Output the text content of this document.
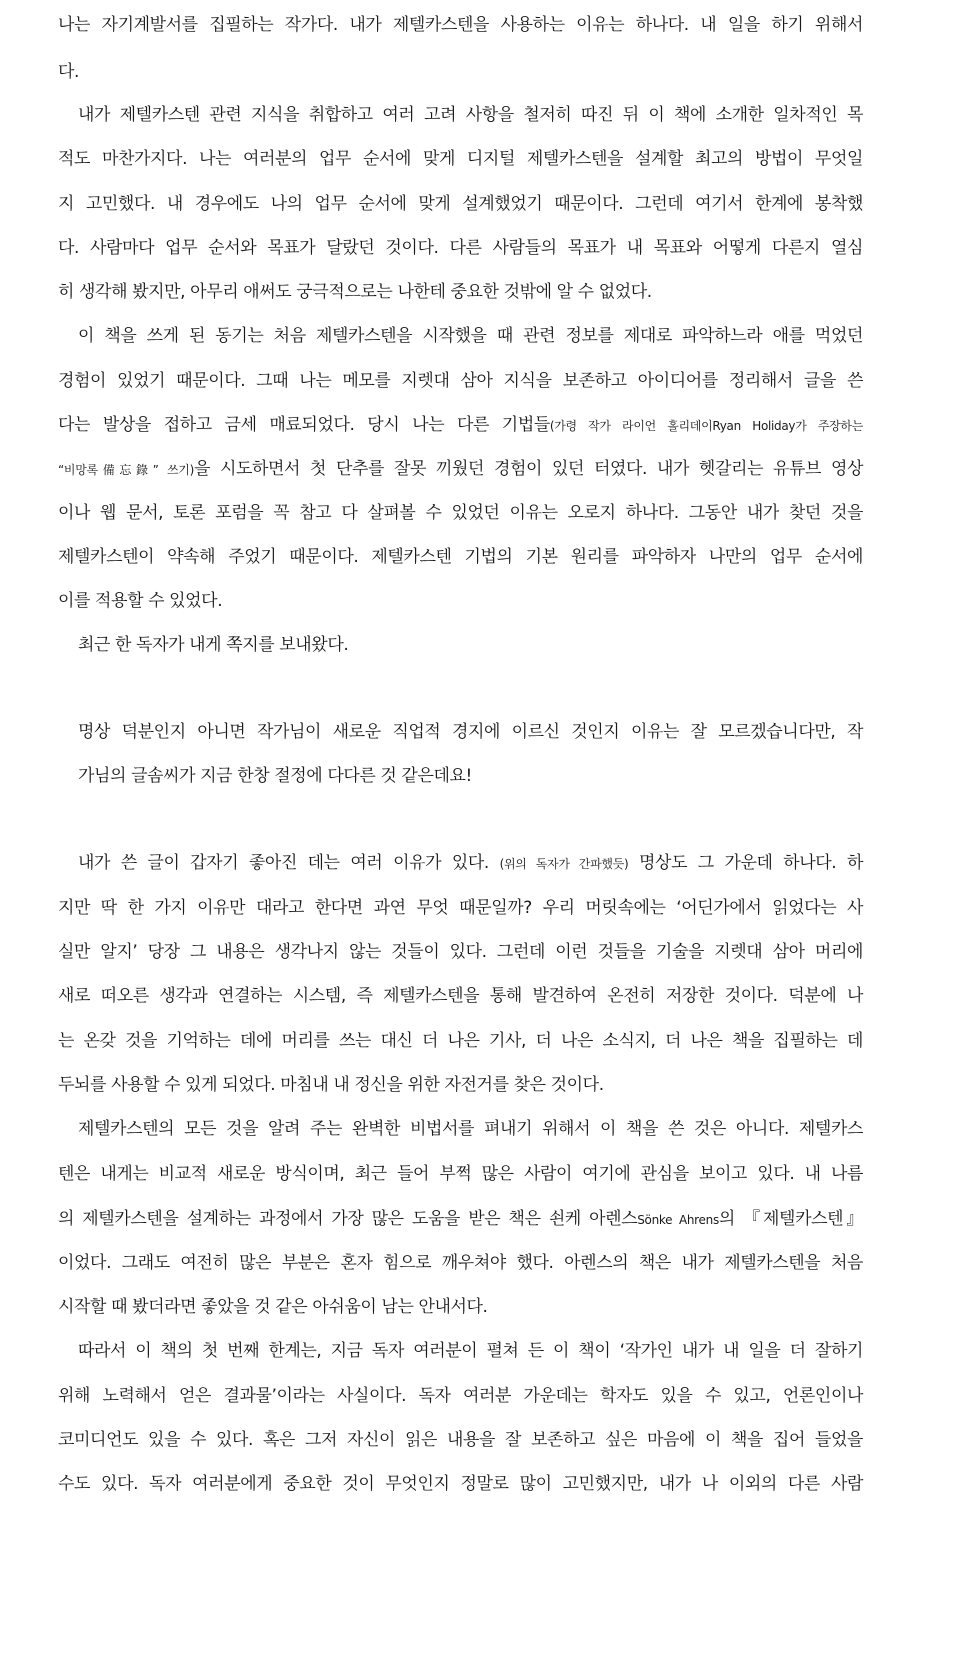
나는 자기계발서를 집필하는 작가다. 내가 제텔카스텐을 사용하는 이유는 하나다. 내 일을 하기 위해서
다.
내가 제텔카스텐 관련 지식을 취합하고 여러 고려 사항을 철저히 따진 뒤 이 책에 소개한 일차적인 목
적도 마찬가지다. 나는 여러분의 업무 순서에 맞게 디지털 제텔카스텐을 설계할 최고의 방법이 무엇일
지 고민했다. 내 경우에도 나의 업무 순서에 맞게 설계했었기 때문이다. 그런데 여기서 한계에 봉착했
다. 사람마다 업무 순서와 목표가 달랐던 것이다. 다른 사람들의 목표가 내 목표와 어떻게 다른지 열심
히 생각해 봤지만, 아무리 애써도 궁극적으로는 나한테 중요한 것밖에 알 수 없었다.
이 책을 쓰게 된 동기는 처음 제텔카스텐을 시작했을 때 관련 정보를 제대로 파악하느라 애를 먹었던
경험이 있었기 때문이다. 그때 나는 메모를 지렛대 삼아 지식을 보존하고 아이디어를 정리해서 글을 쓴
다는 발상을 접하고 금세 매료되었다. 당시 나는 다른 기법들(가령 작가 라이언 홀리데이Ryan Holiday가 주장하는
“비망록備忘錄” 쓰기)을 시도하면서 첫 단추를 잘못 끼웠던 경험이 있던 터였다. 내가 헷갈리는 유튜브 영상
이나 웹 문서, 토론 포럼을 꼭 참고 다 살펴볼 수 있었던 이유는 오로지 하나다. 그동안 내가 찾던 것을
제텔카스텐이 약속해 주었기 때문이다. 제텔카스텐 기법의 기본 원리를 파악하자 나만의 업무 순서에
이를 적용할 수 있었다.
최근 한 독자가 내게 쪽지를 보내왔다.
명상 덕분인지 아니면 작가님이 새로운 직업적 경지에 이르신 것인지 이유는 잘 모르겠습니다만, 작
가님의 글솜씨가 지금 한창 절정에 다다른 것 같은데요!
내가 쓴 글이 갑자기 좋아진 데는 여러 이유가 있다. (위의 독자가 간파했듯) 명상도 그 가운데 하나다. 하
지만 딱 한 가지 이유만 대라고 한다면 과연 무엇 때문일까? 우리 머릿속에는 ‘어딘가에서 읽었다는 사
실만 알지’ 당장 그 내용은 생각나지 않는 것들이 있다. 그런데 이런 것들을 기술을 지렛대 삼아 머리에
새로 떠오른 생각과 연결하는 시스템, 즉 제텔카스텐을 통해 발견하여 온전히 저장한 것이다. 덕분에 나
는 온갖 것을 기억하는 데에 머리를 쓰는 대신 더 나은 기사, 더 나은 소식지, 더 나은 책을 집필하는 데
두뇌를 사용할 수 있게 되었다. 마침내 내 정신을 위한 자전거를 찾은 것이다.
제텔카스텐의 모든 것을 알려 주는 완벽한 비법서를 펴내기 위해서 이 책을 쓴 것은 아니다. 제텔카스
텐은 내게는 비교적 새로운 방식이며, 최근 들어 부쩍 많은 사람이 여기에 관심을 보이고 있다. 내 나름
의 제텔카스텐을 설계하는 과정에서 가장 많은 도움을 받은 책은 쇤케 아렌스Sönke Ahrens의 『제텔카스텐』
이었다. 그래도 여전히 많은 부분은 혼자 힘으로 깨우쳐야 했다. 아렌스의 책은 내가 제텔카스텐을 처음
시작할 때 봤더라면 좋았을 것 같은 아쉬움이 남는 안내서다.
따라서 이 책의 첫 번째 한계는, 지금 독자 여러분이 펼쳐 든 이 책이 ‘작가인 내가 내 일을 더 잘하기
위해 노력해서 얻은 결과물’이라는 사실이다. 독자 여러분 가운데는 학자도 있을 수 있고, 언론인이나
코미디언도 있을 수 있다. 혹은 그저 자신이 읽은 내용을 잘 보존하고 싶은 마음에 이 책을 집어 들었을
수도 있다. 독자 여러분에게 중요한 것이 무엇인지 정말로 많이 고민했지만, 내가 나 이외의 다른 사람
